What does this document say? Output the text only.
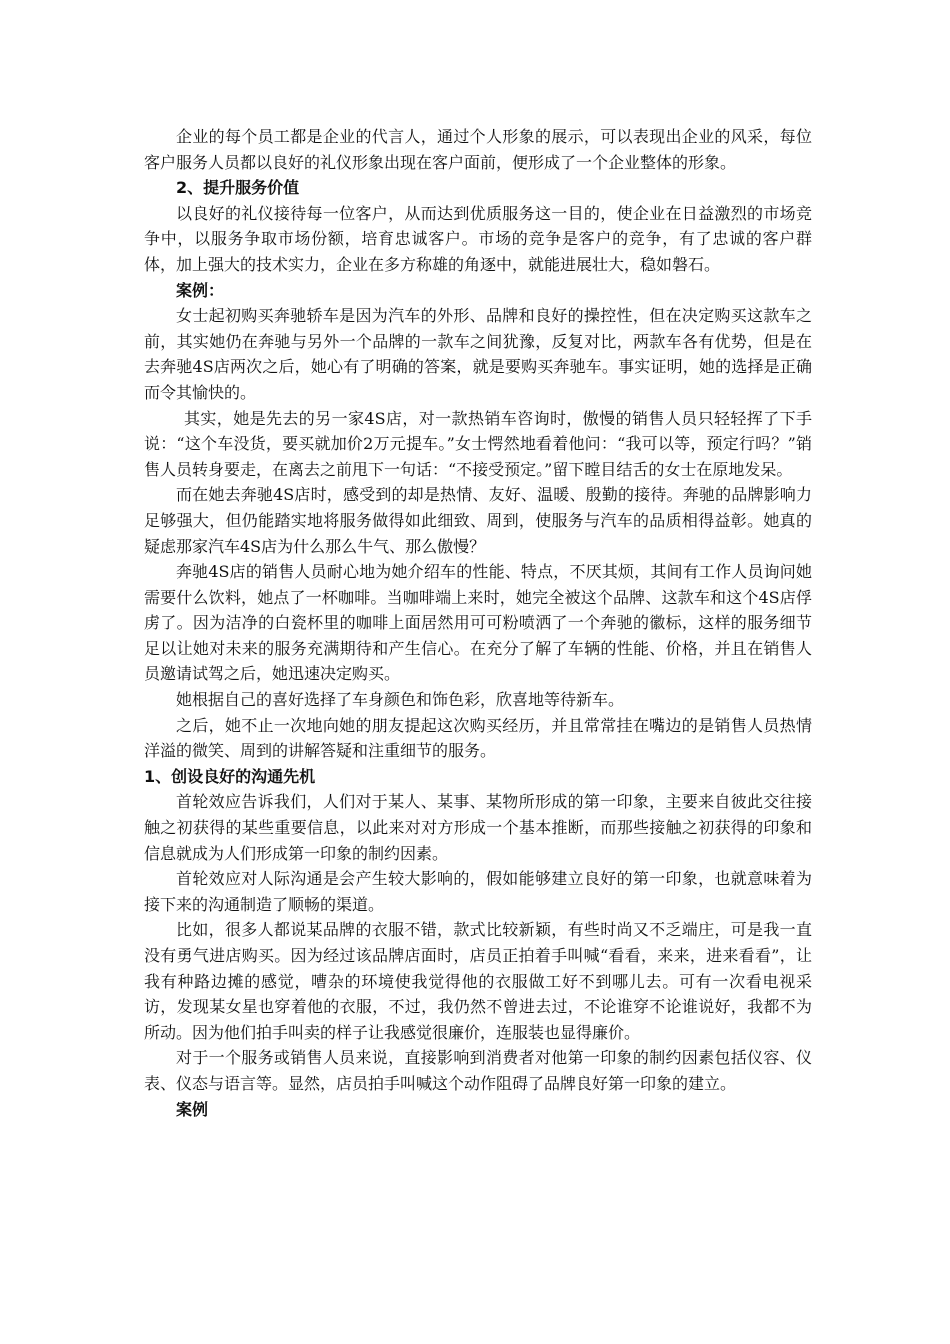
企业的每个员工都是企业的代言人，通过个人形象的展示，可以表现出企业的风采，每位客户服务人员都以良好的礼仪形象出现在客户面前，便形成了一个企业整体的形象。

2、提升服务价值

以良好的礼仪接待每一位客户，从而达到优质服务这一目的，使企业在日益激烈的市场竞争中，以服务争取市场份额，培育忠诚客户。市场的竞争是客户的竞争，有了忠诚的客户群体，加上强大的技术实力，企业在多方称雄的角逐中，就能进展壮大，稳如磐石。

案例：

女士起初购买奔驰轿车是因为汽车的外形、品牌和良好的操控性，但在决定购买这款车之前，其实她仍在奔驰与另外一个品牌的一款车之间犹豫，反复对比，两款车各有优势，但是在去奔驰4S店两次之后，她心有了明确的答案，就是要购买奔驰车。事实证明，她的选择是正确而令其愉快的。

其实，她是先去的另一家4S店，对一款热销车咨询时，傲慢的销售人员只轻轻挥了下手说：“这个车没货，要买就加价2万元提车。”女士愕然地看着他问：“我可以等，预定行吗？”销售人员转身要走，在离去之前甩下一句话：“不接受预定。”留下瞠目结舌的女士在原地发呆。

而在她去奔驰4S店时，感受到的却是热情、友好、温暖、殷勤的接待。奔驰的品牌影响力足够强大，但仍能踏实地将服务做得如此细致、周到，使服务与汽车的品质相得益彰。她真的疑虑那家汽车4S店为什么那么牛气、那么傲慢？

奔驰4S店的销售人员耐心地为她介绍车的性能、特点，不厌其烦，其间有工作人员询问她需要什么饮料，她点了一杯咖啡。当咖啡端上来时，她完全被这个品牌、这款车和这个4S店俘虏了。因为洁净的白瓷杯里的咖啡上面居然用可可粉喷洒了一个奔驰的徽标，这样的服务细节足以让她对未来的服务充满期待和产生信心。在充分了解了车辆的性能、价格，并且在销售人员邀请试驾之后，她迅速决定购买。

她根据自己的喜好选择了车身颜色和饰色彩，欣喜地等待新车。

之后，她不止一次地向她的朋友提起这次购买经历，并且常常挂在嘴边的是销售人员热情洋溢的微笑、周到的讲解答疑和注重细节的服务。

1、创设良好的沟通先机

首轮效应告诉我们，人们对于某人、某事、某物所形成的第一印象，主要来自彼此交往接触之初获得的某些重要信息，以此来对对方形成一个基本推断，而那些接触之初获得的印象和信息就成为人们形成第一印象的制约因素。

首轮效应对人际沟通是会产生较大影响的，假如能够建立良好的第一印象，也就意味着为接下来的沟通制造了顺畅的渠道。

比如，很多人都说某品牌的衣服不错，款式比较新颖，有些时尚又不乏端庄，可是我一直没有勇气进店购买。因为经过该品牌店面时，店员正拍着手叫喊“看看，来来，进来看看”，让我有种路边摊的感觉，嘈杂的环境使我觉得他的衣服做工好不到哪儿去。可有一次看电视采访，发现某女星也穿着他的衣服，不过，我仍然不曾进去过，不论谁穿不论谁说好，我都不为所动。因为他们拍手叫卖的样子让我感觉很廉价，连服装也显得廉价。

对于一个服务或销售人员来说，直接影响到消费者对他第一印象的制约因素包括仪容、仪表、仪态与语言等。显然，店员拍手叫喊这个动作阻碍了品牌良好第一印象的建立。

案例
